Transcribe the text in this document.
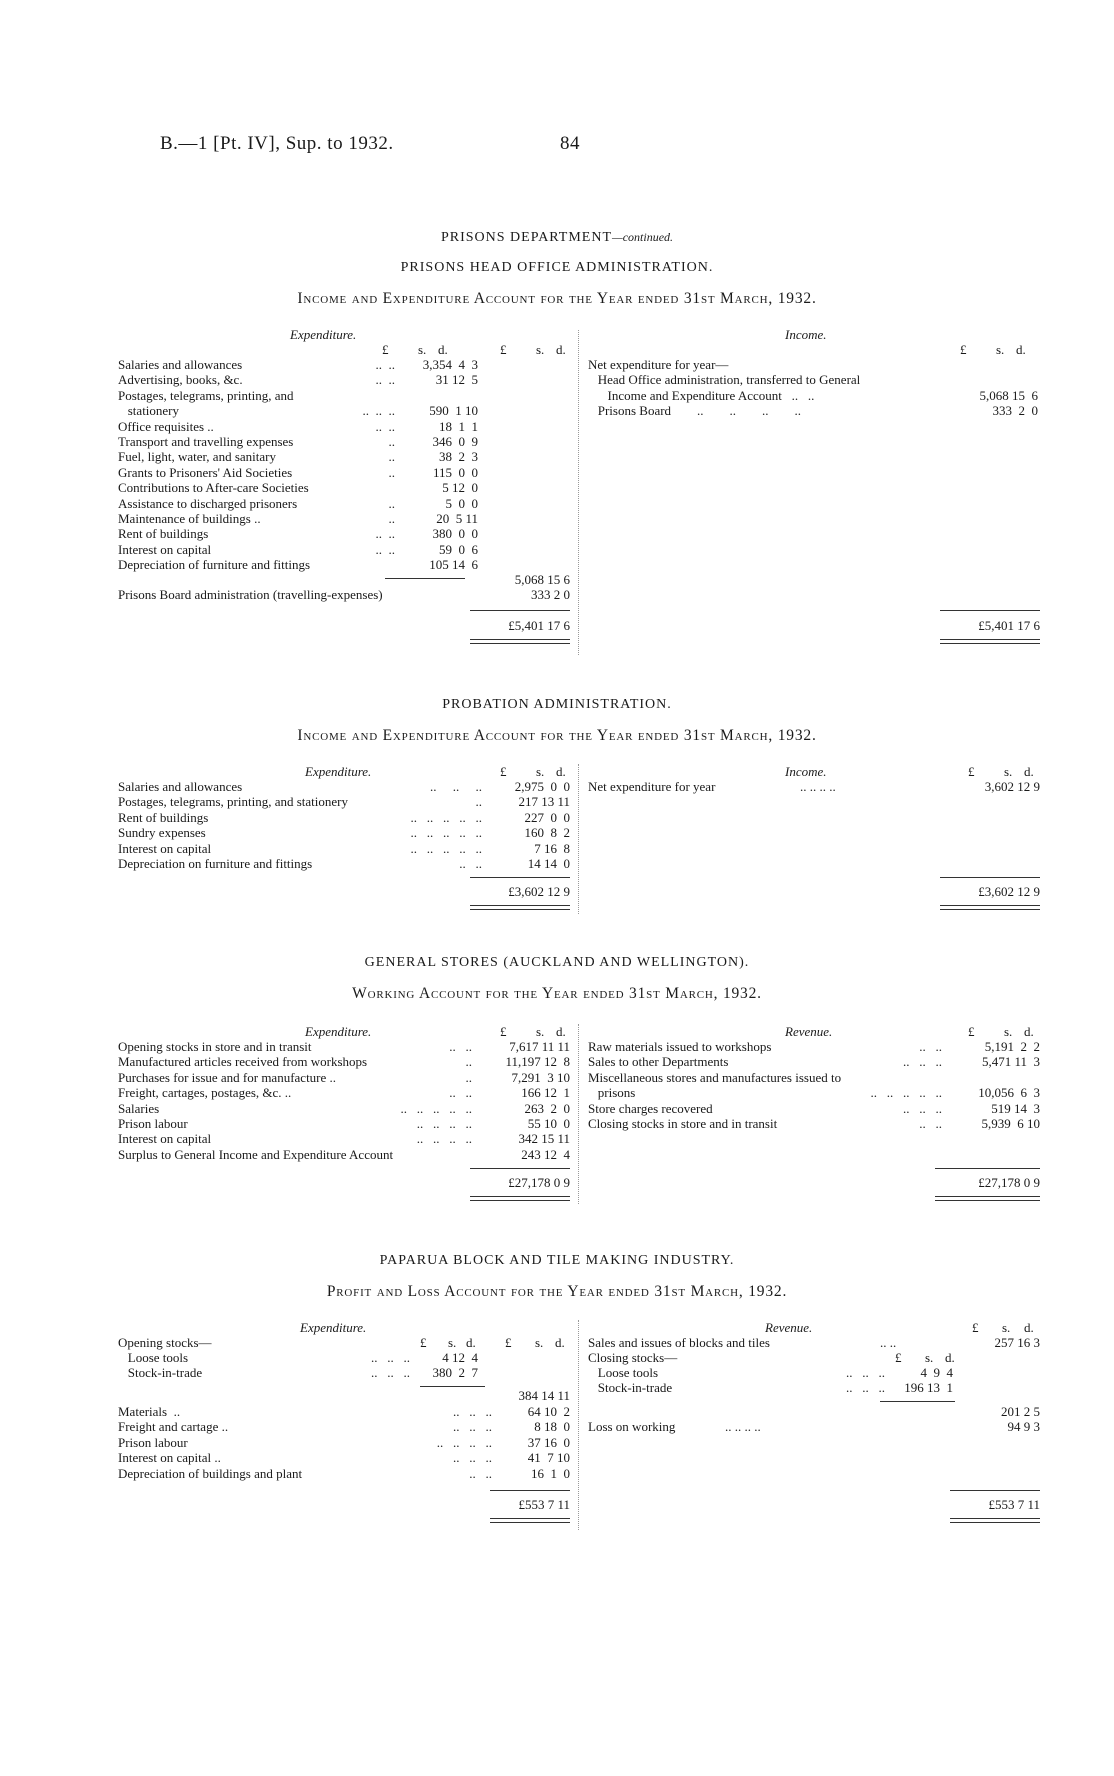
B.—1 [Pt. IV], Sup. to 1932.	84
PRISONS DEPARTMENT—continued.
PRISONS HEAD OFFICE ADMINISTRATION.
Income and Expenditure Account for the Year ended 31st March, 1932.
Expenditure.	Income.
£ s. d.	£ s. d.	£ s. d.
Salaries and allowances	..  ..	3,354  4  3
Advertising, books, &c.	..  ..	31 12  5
Postages, telegrams, printing, and
stationery	..  ..  ..	590  1 10
Office requisites ..	..  ..	18  1  1
Transport and travelling expenses	..	346  0  9
Fuel, light, water, and sanitary	..	38  2  3
Grants to Prisoners' Aid Societies	..	115  0  0
Contributions to After-care Societies	5 12  0
Assistance to discharged prisoners	..	5  0  0
Maintenance of buildings ..	..	20  5 11
Rent of buildings	..  ..	380  0  0
Interest on capital	..  ..	59  0  6
Depreciation of furniture and fittings	105 14  6
5,068 15 6
Prisons Board administration (travelling-expenses)	333 2 0
£5,401 17 6
Net expenditure for year—
Head Office administration, transferred to General
Income and Expenditure Account   ..   ..	5,068 15  6
Prisons Board        ..        ..        ..        ..	333  2  0
£5,401 17 6
PROBATION ADMINISTRATION.
Income and Expenditure Account for the Year ended 31st March, 1932.
Expenditure.	Income.
£ s. d.	£ s. d.
Salaries and allowances	..     ..     ..	2,975  0  0
Postages, telegrams, printing, and stationery	..	217 13 11
Rent of buildings	..   ..   ..   ..   ..	227  0  0
Sundry expenses	..   ..   ..   ..   ..	160  8  2
Interest on capital	..   ..   ..   ..   ..	7 16  8
Depreciation on furniture and fittings	..   ..	14 14  0
£3,602 12 9
Net expenditure for year	.. .. .. ..	3,602 12 9
£3,602 12 9
GENERAL STORES (AUCKLAND AND WELLINGTON).
Working Account for the Year ended 31st March, 1932.
Expenditure.	Revenue.
£ s. d.	£ s. d.
Opening stocks in store and in transit	..   ..	7,617 11 11
Manufactured articles received from workshops	..	11,197 12  8
Purchases for issue and for manufacture ..	..	7,291  3 10
Freight, cartages, postages, &c. ..	..   ..	166 12  1
Salaries	..   ..   ..   ..   ..	263  2  0
Prison labour	..   ..   ..   ..	55 10  0
Interest on capital	..   ..   ..   ..	342 15 11
Surplus to General Income and Expenditure Account	243 12  4
£27,178 0 9
Raw materials issued to workshops	..   ..	5,191  2  2
Sales to other Departments	..   ..   ..	5,471 11  3
Miscellaneous stores and manufactures issued to
prisons	..   ..   ..   ..   ..	10,056  6  3
Store charges recovered	..   ..   ..	519 14  3
Closing stocks in store and in transit	..   ..	5,939  6 10
£27,178 0 9
PAPARUA BLOCK AND TILE MAKING INDUSTRY.
Profit and Loss Account for the Year ended 31st March, 1932.
Expenditure.	Revenue.
£ s. d. £ s. d.
£ s. d.
Opening stocks—
Loose tools	..   ..   ..	4 12  4
Stock-in-trade	..   ..   ..	380  2  7
384 14 11
Materials  ..	..   ..   ..	64 10  2
Freight and cartage ..	..   ..   ..	8 18  0
Prison labour	..   ..   ..   ..	37 16  0
Interest on capital ..	..   ..   ..	41  7 10
Depreciation of buildings and plant	..   ..	16  1  0
£553 7 11
Sales and issues of blocks and tiles	.. ..	257 16 3
Closing stocks—	£ s. d.
Loose tools	..   ..   ..	4  9  4
Stock-in-trade	..   ..   ..	196 13  1
201 2 5
Loss on working	.. .. .. ..	94 9 3
£553 7 11
